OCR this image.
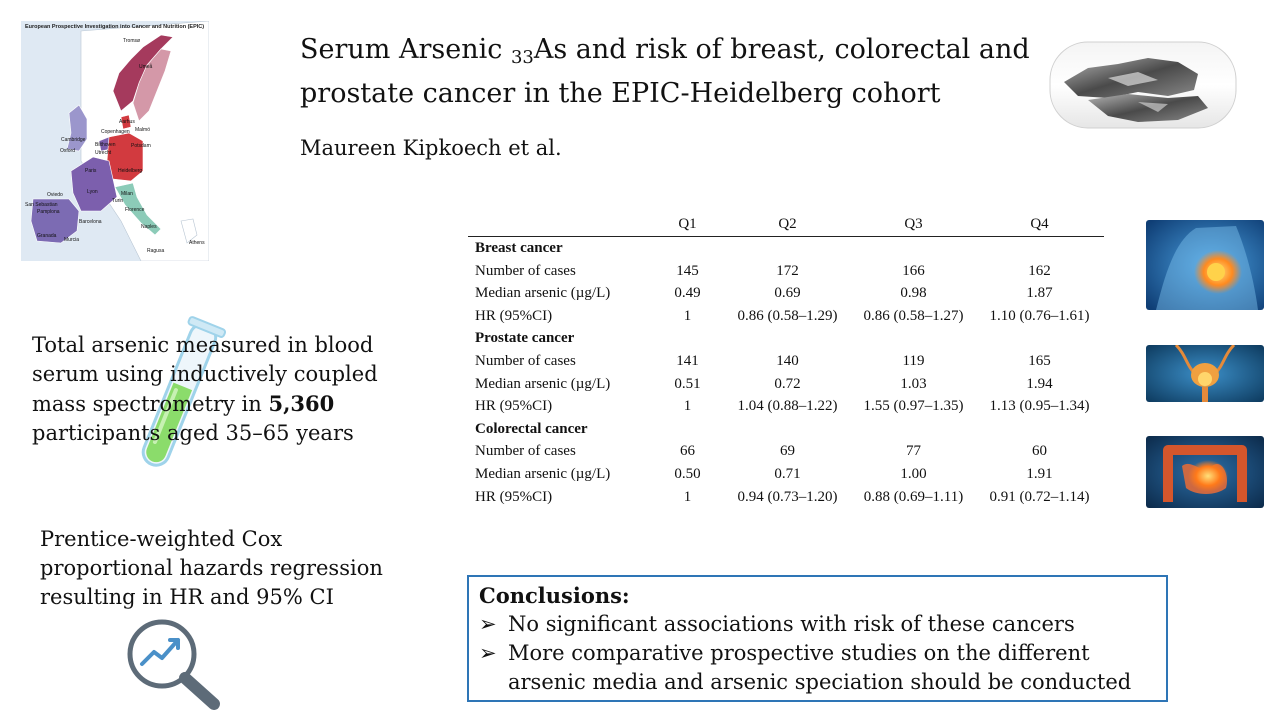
European Prospective Investigation into Cancer and Nutrition (EPIC)
Tromsø
Umeå
Aarhus
Copenhagen Malmö
Cambridge
Oxford
Bilthoven
Utrecht
Potsdam
Heidelberg
Paris
Lyon	Milan
Turin
Florence
Oviedo
San Sebastian
Pamplona
Barcelona
Granada
Murcia
Naples
Ragusa
Athens
Serum Arsenic $_{33}$As and risk of breast, colorectal and prostate cancer in the EPIC-Heidelberg cohort
Maureen Kipkoech et al.
Total arsenic measured in blood serum using inductively coupled mass spectrometry in 5,360 participants aged 35–65 years
Prentice-weighted Cox proportional hazards regression resulting in HR and 95% CI
Q1	Q2	Q3	Q4
Breast cancer
Number of cases	145	172	166	162
Median arsenic (µg/L)	0.49	0.69	0.98	1.87
HR (95%CI)	1	0.86 (0.58–1.29)	0.86 (0.58–1.27)	1.10 (0.76–1.61)
Prostate cancer
Number of cases	141	140	119	165
Median arsenic (µg/L)	0.51	0.72	1.03	1.94
HR (95%CI)	1	1.04 (0.88–1.22)	1.55 (0.97–1.35)	1.13 (0.95–1.34)
Colorectal cancer
Number of cases	66	69	77	60
Median arsenic (µg/L)	0.50	0.71	1.00	1.91
HR (95%CI)	1	0.94 (0.73–1.20)	0.88 (0.69–1.11)	0.91 (0.72–1.14)
Conclusions:
➢ No significant associations with risk of these cancers
➢ More comparative prospective studies on the different arsenic media and arsenic speciation should be conducted
